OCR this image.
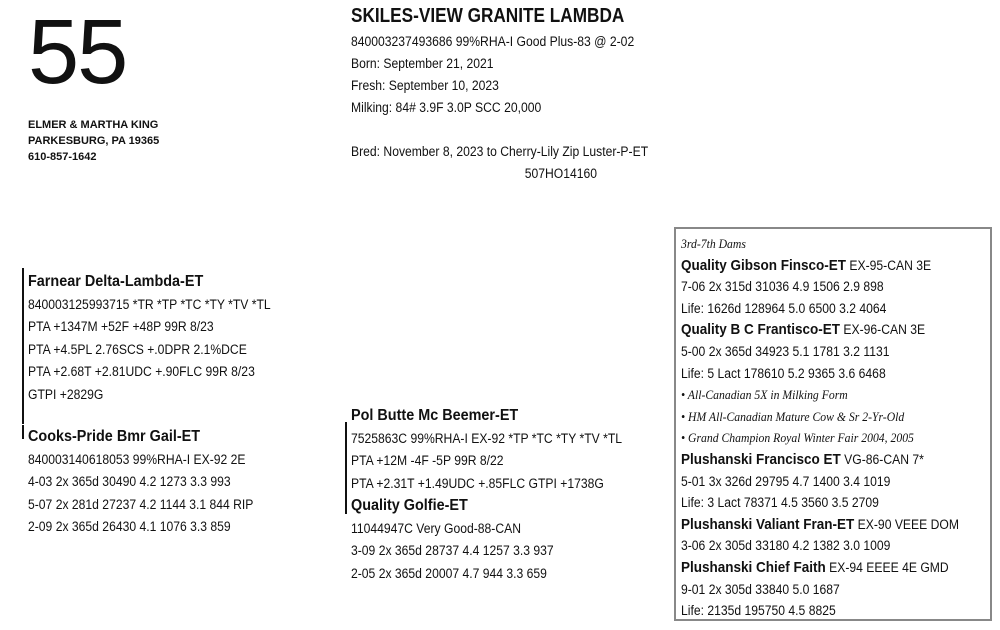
55
ELMER & MARTHA KING
PARKESBURG, PA 19365
610-857-1642
SKILES-VIEW GRANITE LAMBDA
840003237493686 99%RHA-I Good Plus-83 @ 2-02
Born: September 21, 2021
Fresh: September 10, 2023
Milking: 84# 3.9F 3.0P SCC 20,000
Bred: November 8, 2023 to Cherry-Lily Zip Luster-P-ET
507HO14160
Farnear Delta-Lambda-ET
840003125993715 *TR *TP *TC *TY *TV *TL
PTA +1347M +52F +48P 99R 8/23
PTA +4.5PL 2.76SCS +.0DPR 2.1%DCE
PTA +2.68T +2.81UDC +.90FLC 99R 8/23
GTPI +2829G
Cooks-Pride Bmr Gail-ET
840003140618053 99%RHA-I EX-92 2E
4-03 2x 365d 30490 4.2 1273 3.3 993
5-07 2x 281d 27237 4.2 1144 3.1 844 RIP
2-09 2x 365d 26430 4.1 1076 3.3 859
Pol Butte Mc Beemer-ET
7525863C 99%RHA-I EX-92 *TP *TC *TY *TV *TL
PTA +12M -4F -5P 99R 8/22
PTA +2.31T +1.49UDC +.85FLC GTPI +1738G
Quality Golfie-ET
11044947C Very Good-88-CAN
3-09 2x 365d 28737 4.4 1257 3.3 937
2-05 2x 365d 20007 4.7 944 3.3 659
3rd-7th Dams
Quality Gibson Finsco-ET EX-95-CAN 3E
7-06 2x 315d 31036 4.9 1506 2.9 898
Life: 1626d 128964 5.0 6500 3.2 4064
Quality B C Frantisco-ET EX-96-CAN 3E
5-00 2x 365d 34923 5.1 1781 3.2 1131
Life: 5 Lact 178610 5.2 9365 3.6 6468
• All-Canadian 5X in Milking Form
• HM All-Canadian Mature Cow & Sr 2-Yr-Old
• Grand Champion Royal Winter Fair 2004, 2005
Plushanski Francisco ET VG-86-CAN 7*
5-01 3x 326d 29795 4.7 1400 3.4 1019
Life: 3 Lact 78371 4.5 3560 3.5 2709
Plushanski Valiant Fran-ET EX-90 VEEE DOM
3-06 2x 305d 33180 4.2 1382 3.0 1009
Plushanski Chief Faith EX-94 EEEE 4E GMD
9-01 2x 305d 33840 5.0 1687
Life: 2135d 195750 4.5 8825
